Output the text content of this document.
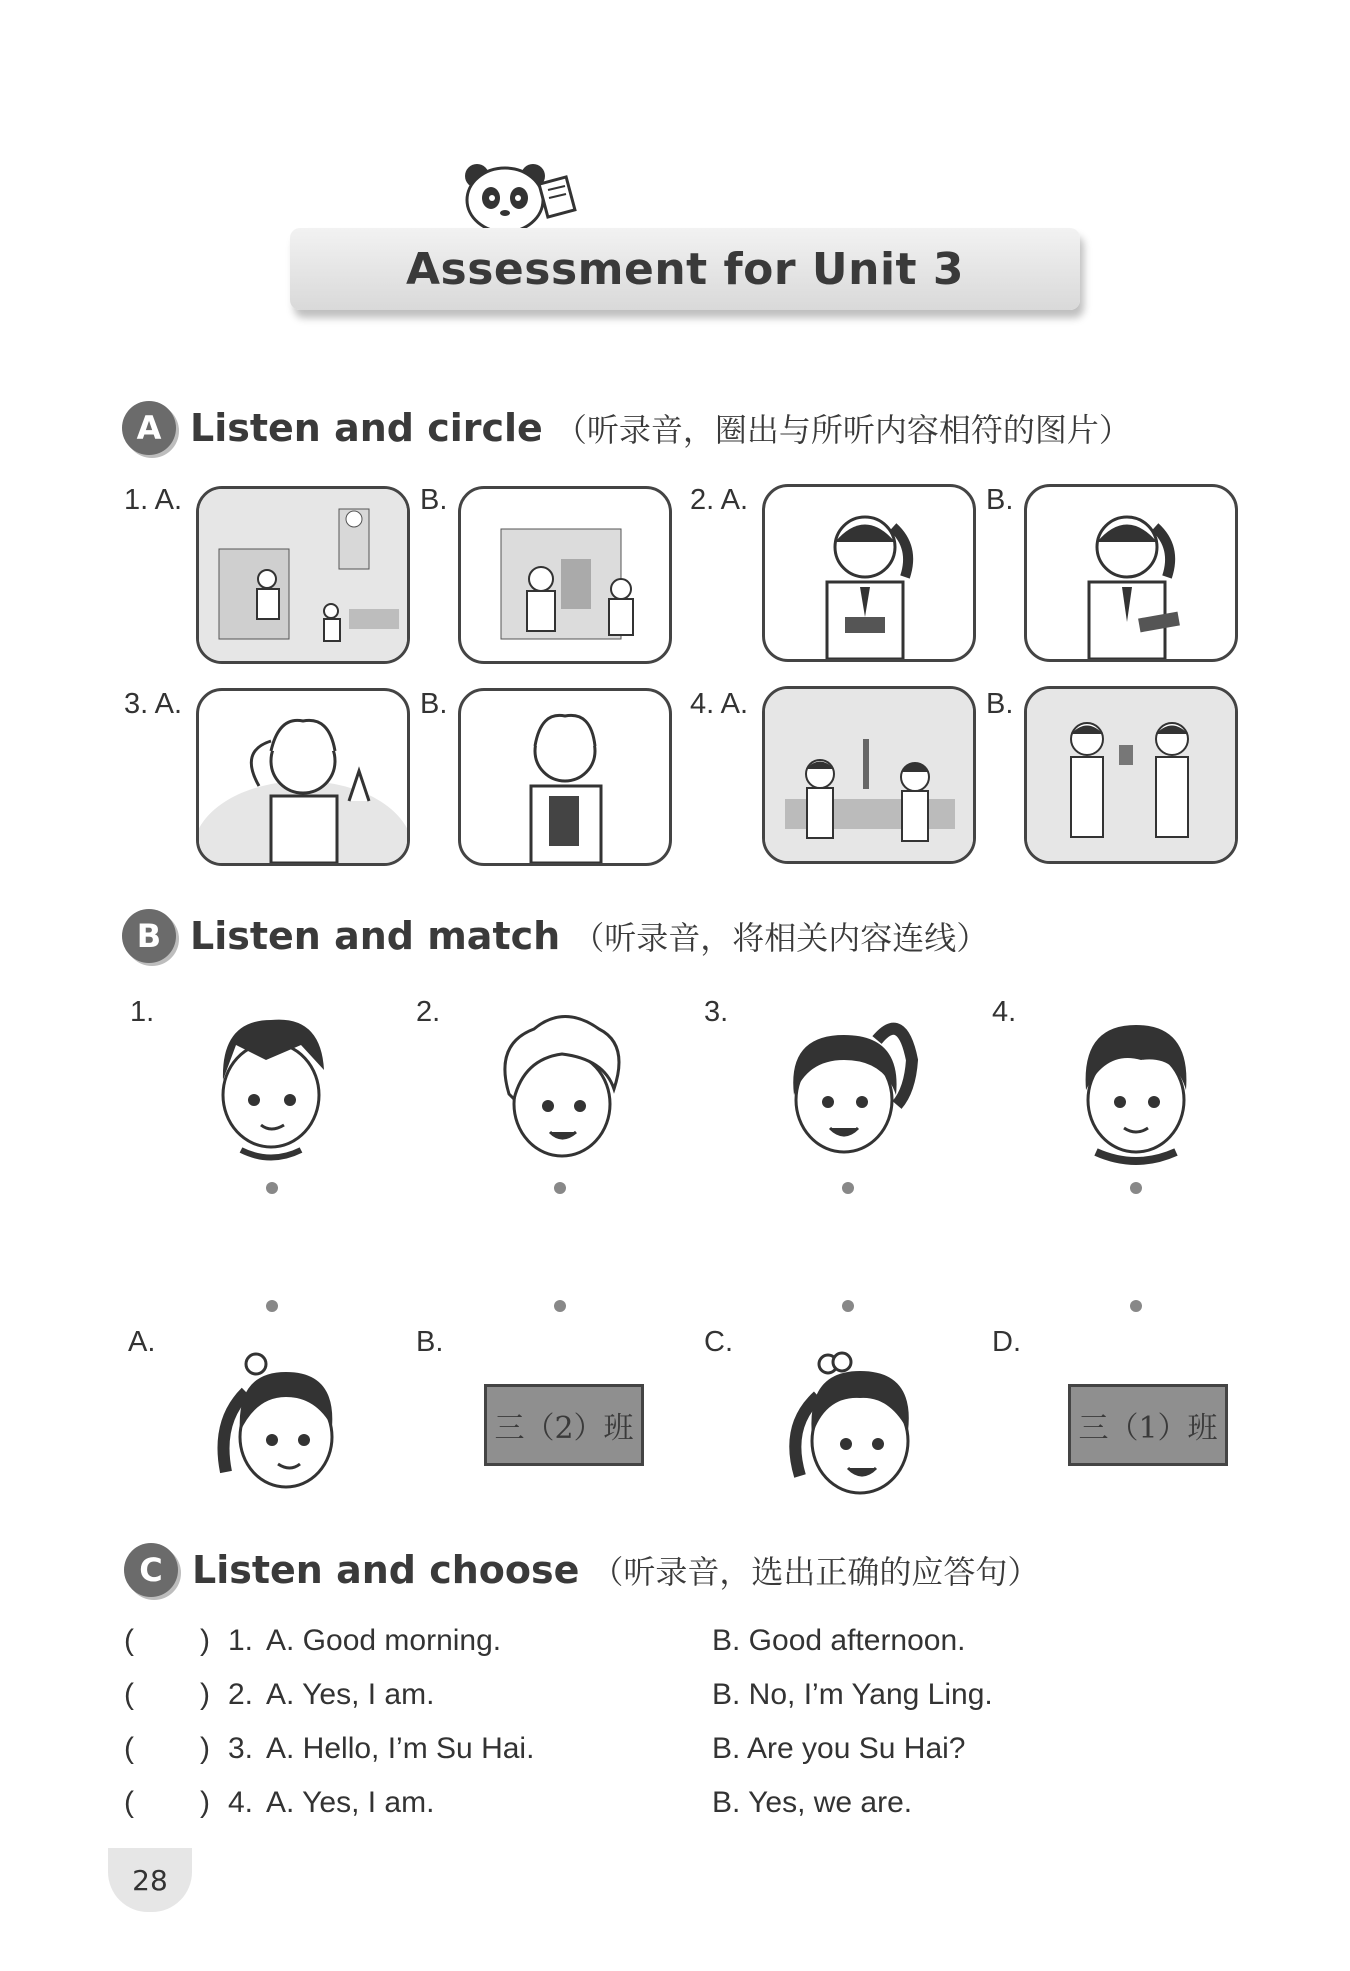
Assessment for Unit 3
A Listen and circle （听录音，圈出与所听内容相符的图片）
1. A.	B.	2. A.	B.
3. A.	B.	4. A.	B.
B Listen and match （听录音，将相关内容连线）
1.	2.	3.	4.
A.	B.	C.	D.
三（2）班	三（1）班
C Listen and choose （听录音，选出正确的应答句）
( ) 1. A. Good morning.	B. Good afternoon.
( ) 2. A. Yes, I am.	B. No, I’m Yang Ling.
( ) 3. A. Hello, I’m Su Hai.	B. Are you Su Hai?
( ) 4. A. Yes, I am.	B. Yes, we are.
28
